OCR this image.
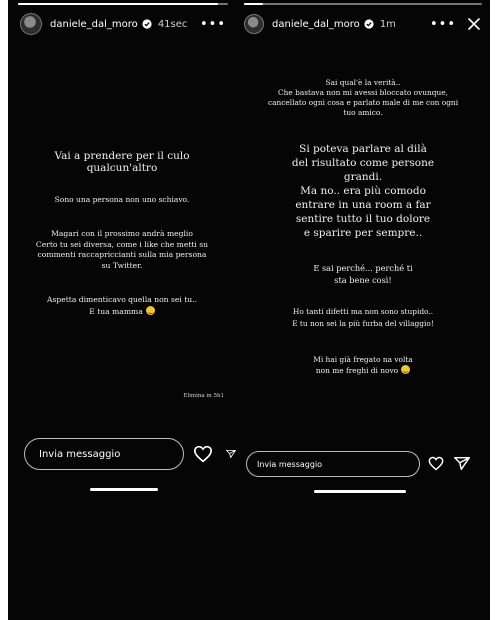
daniele_dal_moro 41sec •••

Vai a prendere per il culo qualcun'altro

Sono una persona non uno schiavo.

Magari con il prossimo andrà meglio
Certo tu sei diversa, come i like che metti su
commenti raccapriccianti sulla mia persona
su Twitter.

Aspetta dimenticavo quella non sei tu..
E tua mamma

Elimina in 5h1
Invia messaggio
daniele_dal_moro 1m	•••

Sai qual'è la verità..
Che bastava non mi avessi bloccato ovunque,
cancellato ogni cosa e parlato male di me con ogni
tuo amico.

Si poteva parlare al dilà
del risultato come persone
grandi.
Ma no.. era più comodo
entrare in una room a far
sentire tutto il tuo dolore
e sparire per sempre..

E sai perché... perché ti
sta bene così!

Ho tanti difetti ma non sono stupido..
E tu non sei la più furba del villaggio!

Mi hai già fregato na volta
non me freghi di novo

Invia messaggio
